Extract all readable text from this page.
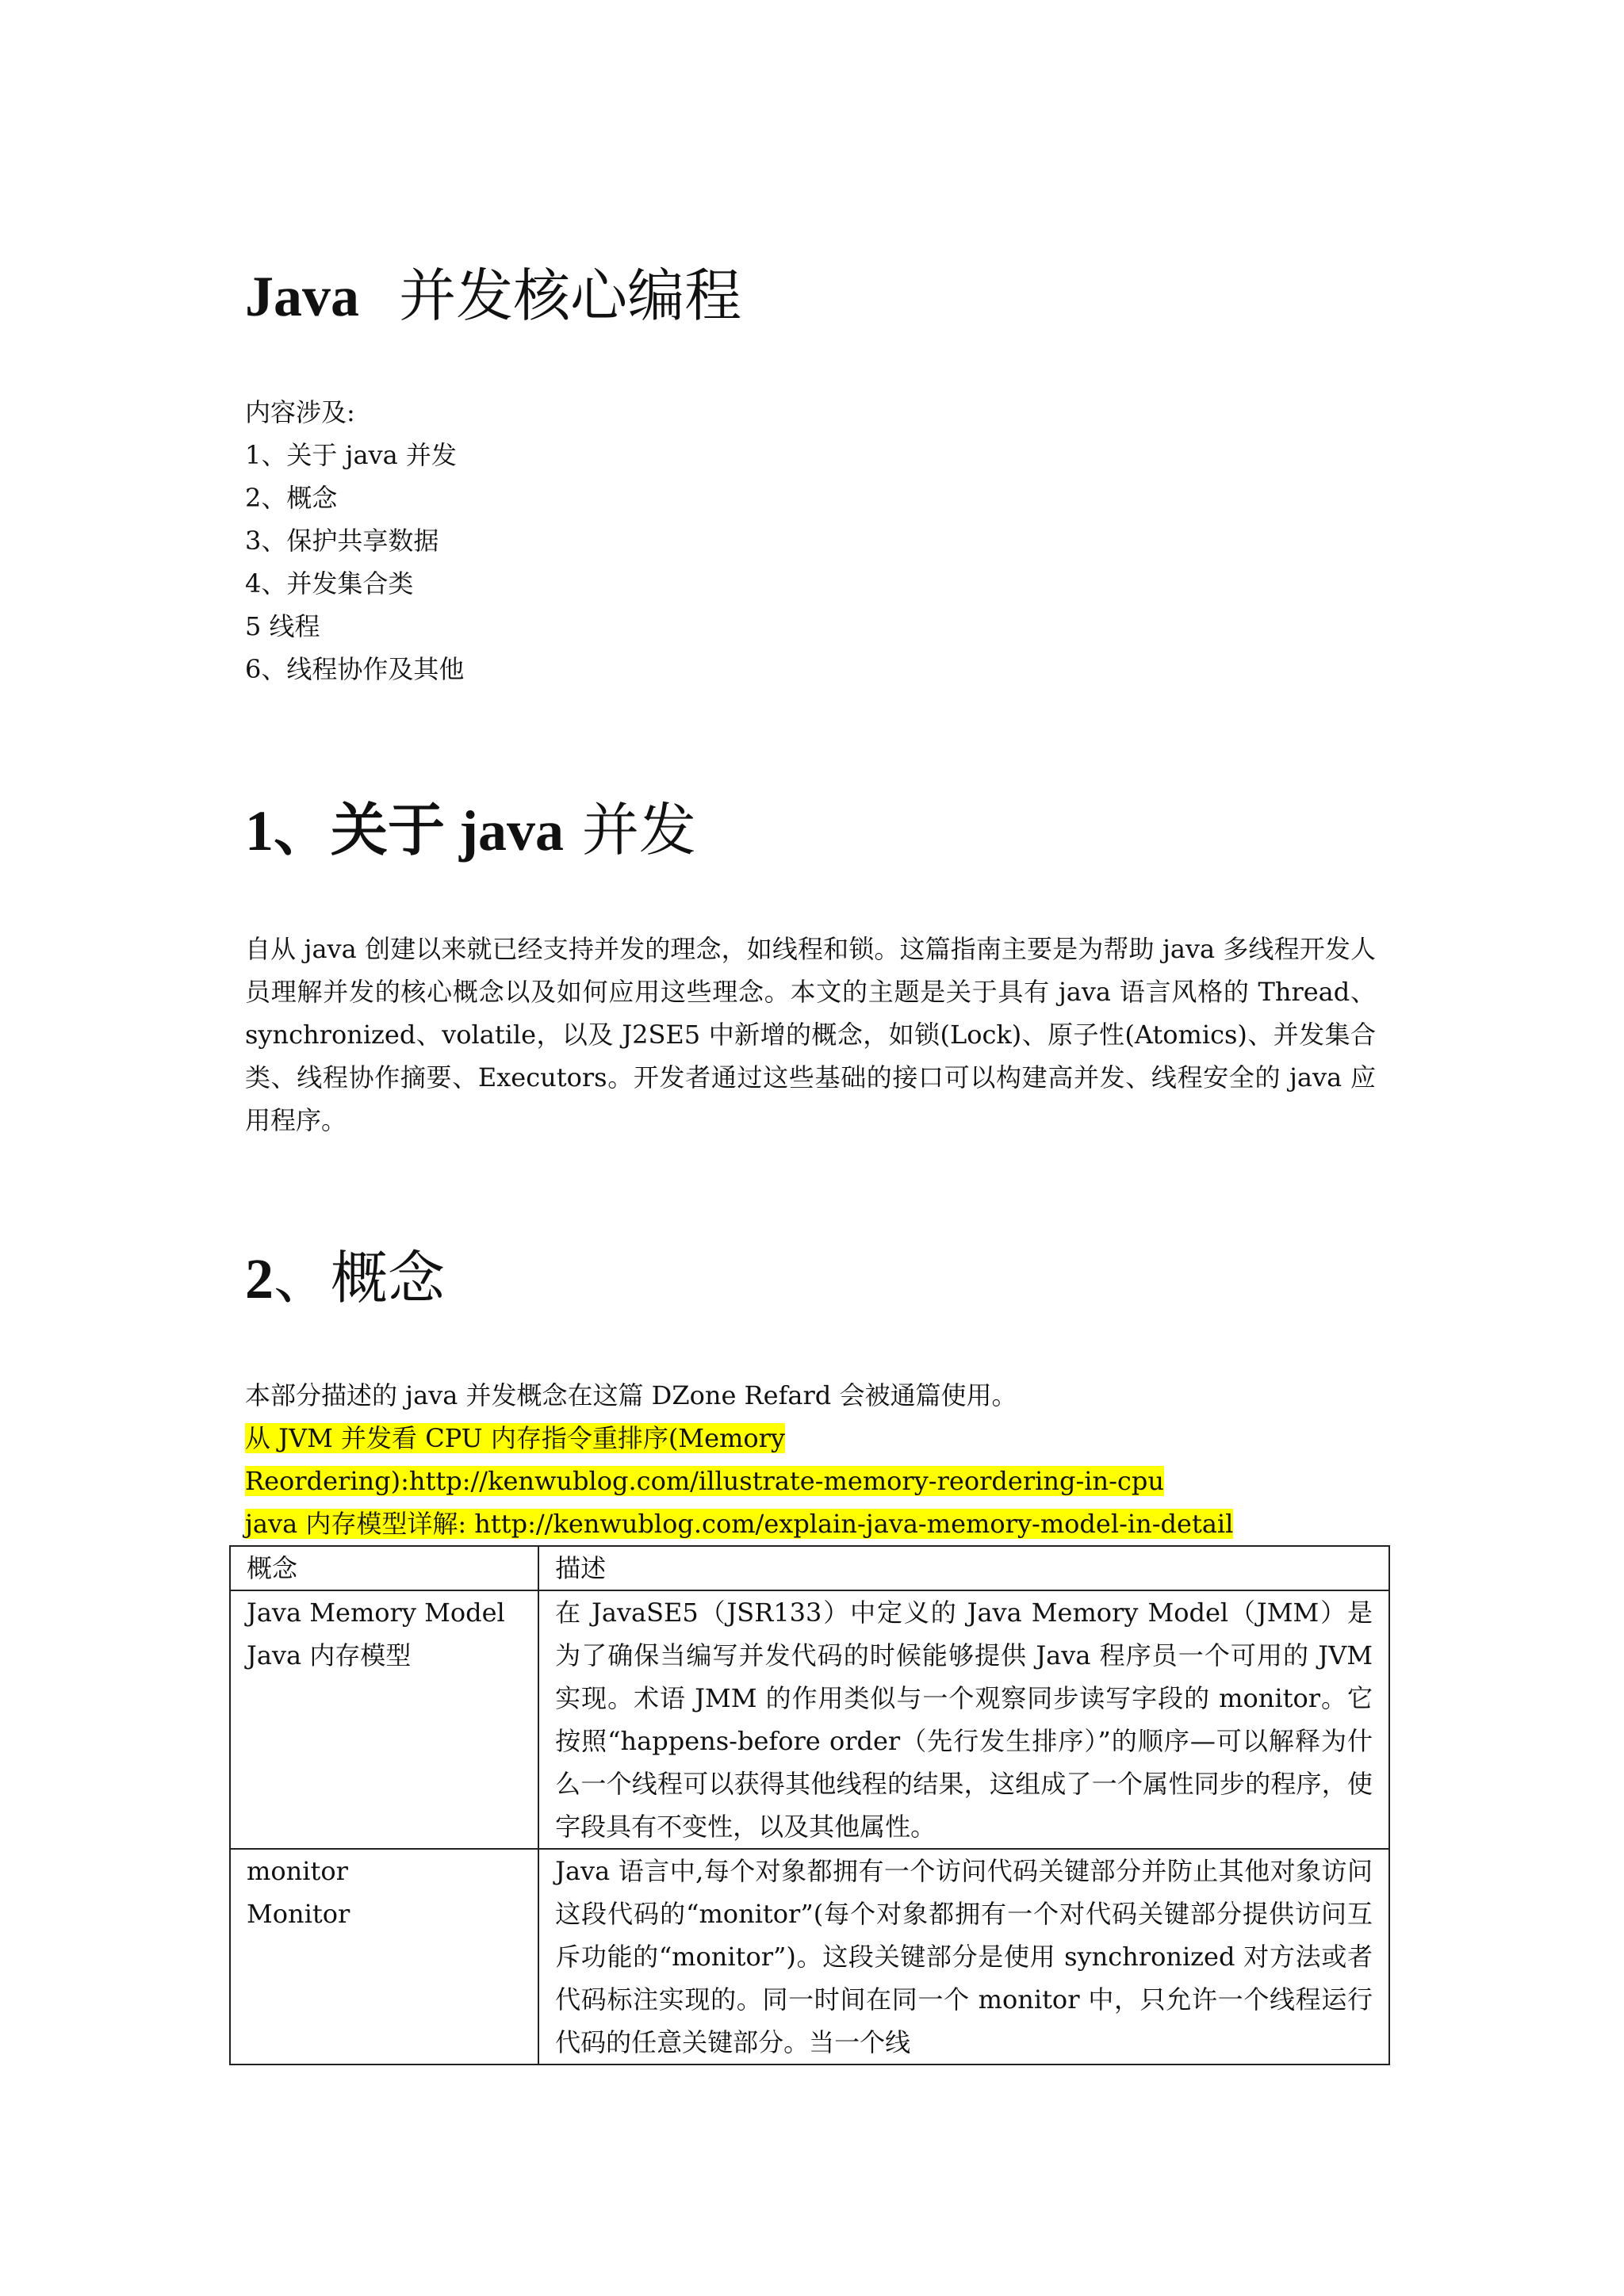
Java 并发核心编程
内容涉及:
1、关于 java 并发
2、概念
3、保护共享数据
4、并发集合类
5 线程
6、线程协作及其他
1、关于 java 并发

自从 java 创建以来就已经支持并发的理念，如线程和锁。这篇指南主要是为帮助 java 多线程开发人员理解并发的核心概念以及如何应用这些理念。本文的主题是关于具有 java 语言风格的 Thread、synchronized、volatile，以及 J2SE5 中新增的概念，如锁(Lock)、原子性(Atomics)、并发集合类、线程协作摘要、Executors。开发者通过这些基础的接口可以构建高并发、线程安全的 java 应用程序。

2、概念
本部分描述的 java 并发概念在这篇 DZone Refard 会被通篇使用。
从 JVM 并发看 CPU 内存指令重排序(Memory
Reordering):http://kenwublog.com/illustrate-memory-reordering-in-cpu
java 内存模型详解: http://kenwublog.com/explain-java-memory-model-in-detail
概念	描述

Java Memory Model
Java 内存模型	在 JavaSE5（JSR133）中定义的 Java Memory Model（JMM）是为了确保当编写并发代码的时候能够提供 Java 程序员一个可用的 JVM 实现。术语 JMM 的作用类似与一个观察同步读写字段的 monitor。它按照“happens-before order（先行发生排序）”的顺序—可以解释为什么一个线程可以获得其他线程的结果，这组成了一个属性同步的程序，使字段具有不变性，以及其他属性。

monitor
Monitor	Java 语言中,每个对象都拥有一个访问代码关键部分并防止其他对象访问这段代码的“monitor”(每个对象都拥有一个对代码关键部分提供访问互斥功能的“monitor”)。这段关键部分是使用 synchronized 对方法或者代码标注实现的。同一时间在同一个 monitor 中，只允许一个线程运行代码的任意关键部分。当一个线
